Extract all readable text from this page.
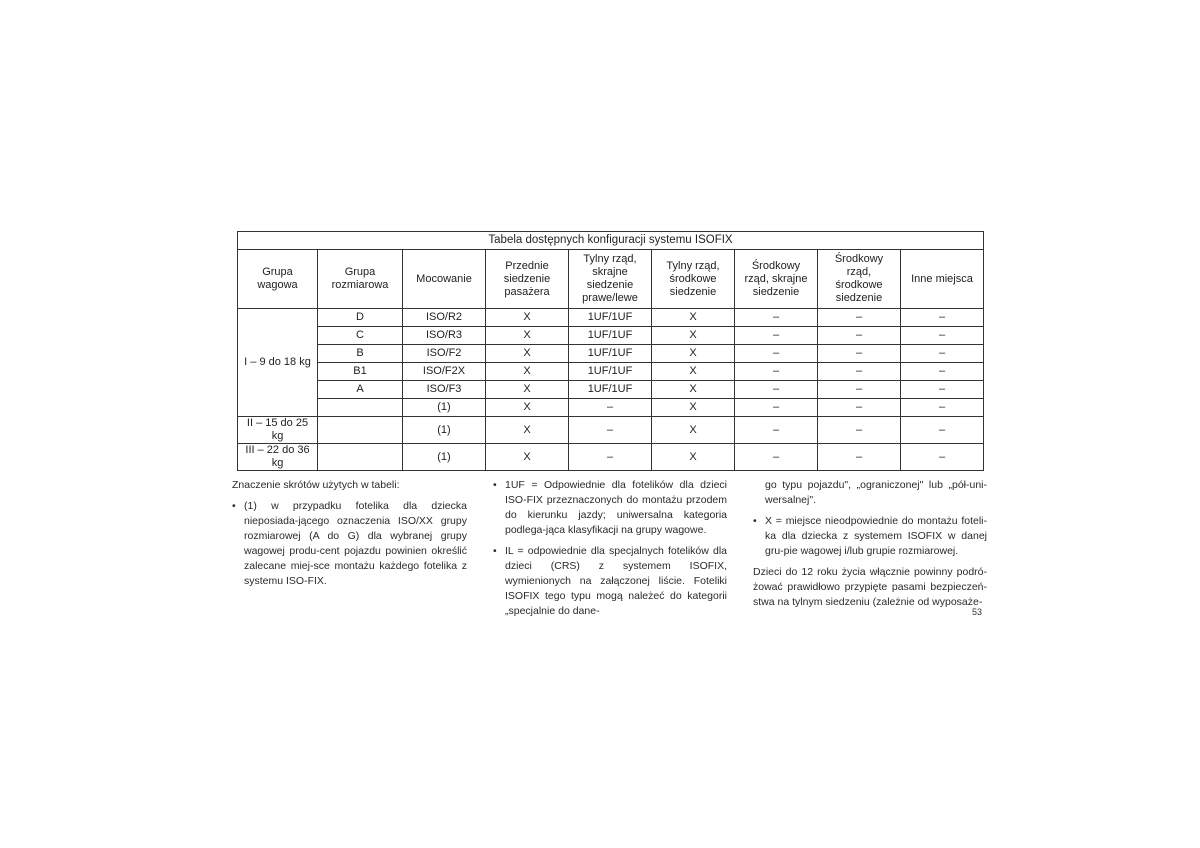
Tabela dostępnych konfiguracji systemu ISOFIX								
Grupa
wagowa	Grupa
rozmiarowa	Mocowanie	Przednie
siedzenie
pasażera	Tylny rząd,
skrajne
siedzenie
prawe/lewe	Tylny rząd,
środkowe
siedzenie	Środkowy
rząd, skrajne
siedzenie	Środkowy
rząd,
środkowe
siedzenie	Inne miejsca
I – 9 do 18 kg	D	ISO/R2	X	1UF/1UF	X	–	–	–
	C	ISO/R3	X	1UF/1UF	X	–	–	–
	B	ISO/F2	X	1UF/1UF	X	–	–	–
	B1	ISO/F2X	X	1UF/1UF	X	–	–	–
	A	ISO/F3	X	1UF/1UF	X	–	–	–
		(1)	X	–	X	–	–	–
II – 15 do 25 kg		(1)	X	–	X	–	–	–
III – 22 do 36 kg		(1)	X	–	X	–	–	–

Znaczenie skrótów użytych w tabeli:

• (1) w przypadku fotelika dla dziecka nieposiada-jącego oznaczenia ISO/XX grupy rozmiarowej (A do G) dla wybranej grupy wagowej produ-cent pojazdu powinien określić zalecane miej-sce montażu każdego fotelika z systemu ISO-FIX.

• 1UF = Odpowiednie dla fotelików dla dzieci ISO-FIX przeznaczonych do montażu przodem do kierunku jazdy; uniwersalna kategoria podlega-jąca klasyfikacji na grupy wagowe.

• IL = odpowiednie dla specjalnych fotelików dla dzieci (CRS) z systemem ISOFIX, wymienionych na załączonej liście. Foteliki ISOFIX tego typu mogą należeć do kategorii „specjalnie do dane-

go typu pojazdu", „ograniczonej" lub „pół-uni-wersalnej".

• X = miejsce nieodpowiednie do montażu foteli-ka dla dziecka z systemem ISOFIX w danej gru-pie wagowej i/lub grupie rozmiarowej.

Dzieci do 12 roku życia włącznie powinny podró-żować prawidłowo przypięte pasami bezpieczeń-stwa na tylnym siedzeniu (zależnie od wyposaże-

53
